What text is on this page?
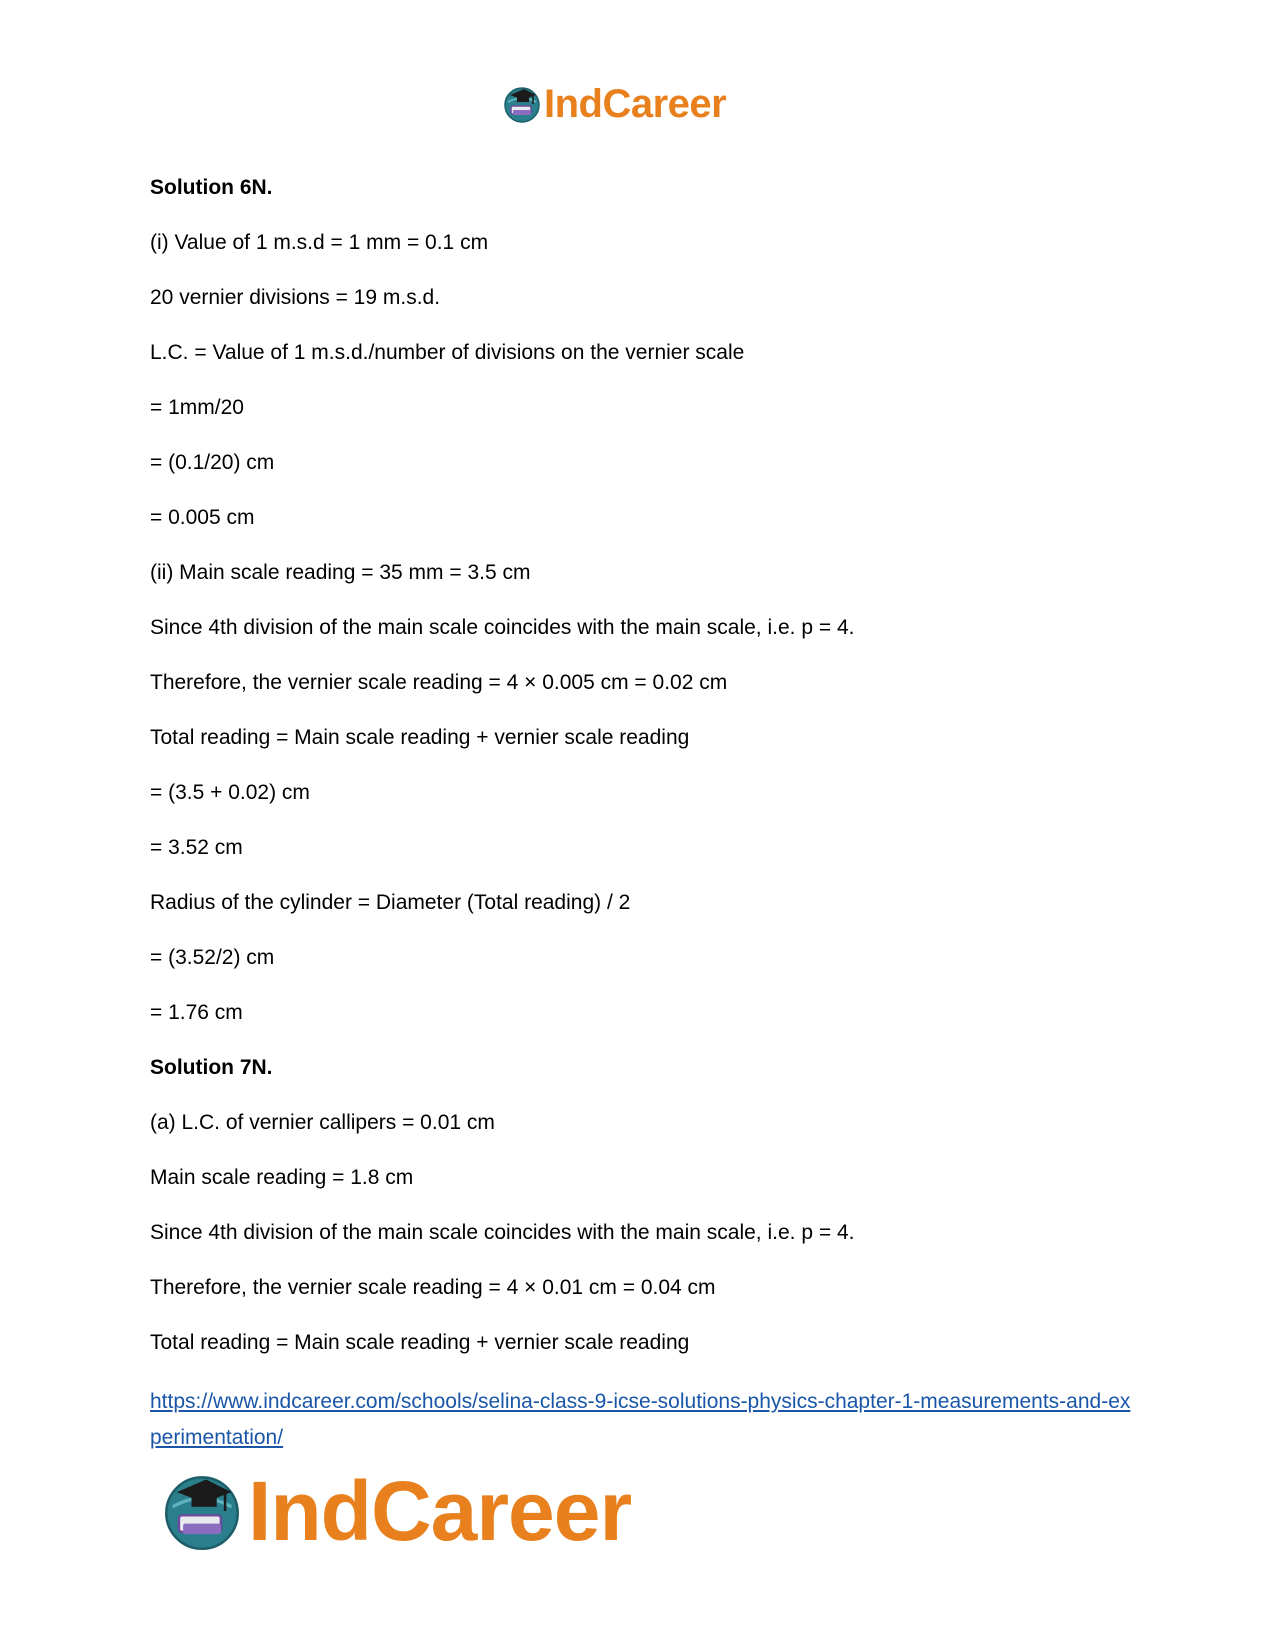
IndCareer

Solution 6N.

(i) Value of 1 m.s.d = 1 mm = 0.1 cm

20 vernier divisions = 19 m.s.d.

L.C. = Value of 1 m.s.d./number of divisions on the vernier scale

= 1mm/20

= (0.1/20) cm

= 0.005 cm

(ii) Main scale reading = 35 mm = 3.5 cm

Since 4th division of the main scale coincides with the main scale, i.e. p = 4.

Therefore, the vernier scale reading = 4 × 0.005 cm = 0.02 cm

Total reading = Main scale reading + vernier scale reading

= (3.5 + 0.02) cm

= 3.52 cm

Radius of the cylinder = Diameter (Total reading) / 2

= (3.52/2) cm

= 1.76 cm

Solution 7N.

(a) L.C. of vernier callipers = 0.01 cm

Main scale reading = 1.8 cm

Since 4th division of the main scale coincides with the main scale, i.e. p = 4.

Therefore, the vernier scale reading = 4 × 0.01 cm = 0.04 cm

Total reading = Main scale reading + vernier scale reading

https://www.indcareer.com/schools/selina-class-9-icse-solutions-physics-chapter-1-measurements-and-experimentation/
IndCareer
